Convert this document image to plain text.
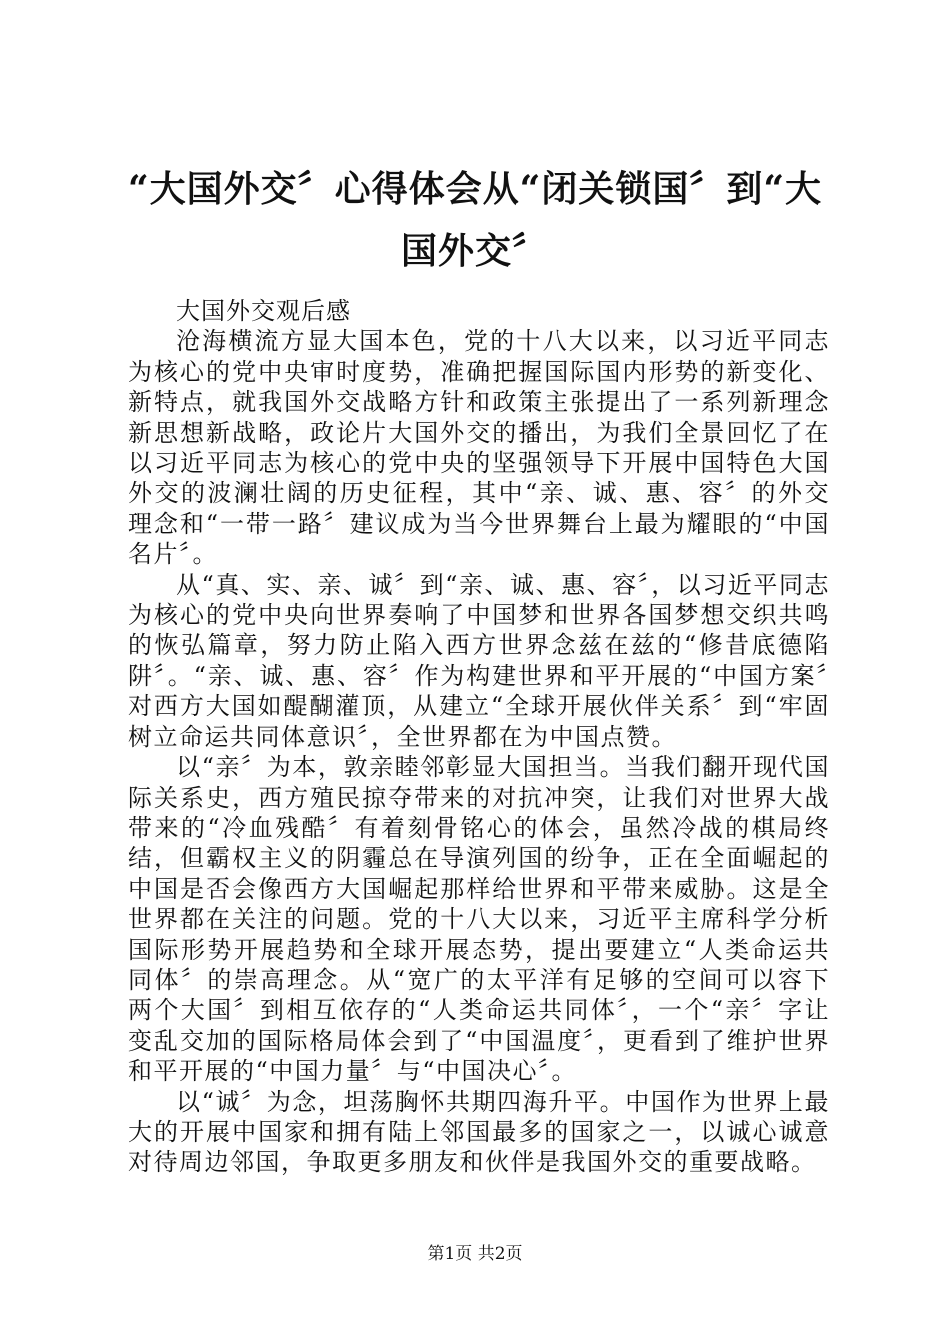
“大国外交〞心得体会从“闭关锁国〞到“大国外交〞

大国外交观后感

沧海横流方显大国本色，党的十八大以来，以习近平同志为核心的党中央审时度势，准确把握国际国内形势的新变化、新特点，就我国外交战略方针和政策主张提出了一系列新理念新思想新战略，政论片大国外交的播出，为我们全景回忆了在以习近平同志为核心的党中央的坚强领导下开展中国特色大国外交的波澜壮阔的历史征程，其中“亲、诚、惠、容〞的外交理念和“一带一路〞建议成为当今世界舞台上最为耀眼的“中国名片〞。

从“真、实、亲、诚〞到“亲、诚、惠、容〞，以习近平同志为核心的党中央向世界奏响了中国梦和世界各国梦想交织共鸣的恢弘篇章，努力防止陷入西方世界念兹在兹的“修昔底德陷阱〞。“亲、诚、惠、容〞作为构建世界和平开展的“中国方案〞对西方大国如醍醐灌顶，从建立“全球开展伙伴关系〞到“牢固树立命运共同体意识〞，全世界都在为中国点赞。

以“亲〞为本，敦亲睦邻彰显大国担当。当我们翻开现代国际关系史，西方殖民掠夺带来的对抗冲突，让我们对世界大战带来的“冷血残酷〞有着刻骨铭心的体会，虽然冷战的棋局终结，但霸权主义的阴霾总在导演列国的纷争，正在全面崛起的中国是否会像西方大国崛起那样给世界和平带来威胁。这是全世界都在关注的问题。党的十八大以来，习近平主席科学分析国际形势开展趋势和全球开展态势，提出要建立“人类命运共同体〞的崇高理念。从“宽广的太平洋有足够的空间可以容下两个大国〞到相互依存的“人类命运共同体〞，一个“亲〞字让变乱交加的国际格局体会到了“中国温度〞，更看到了维护世界和平开展的“中国力量〞与“中国决心〞。

以“诚〞为念，坦荡胸怀共期四海升平。中国作为世界上最大的开展中国家和拥有陆上邻国最多的国家之一，以诚心诚意对待周边邻国，争取更多朋友和伙伴是我国外交的重要战略。

第1页 共2页
